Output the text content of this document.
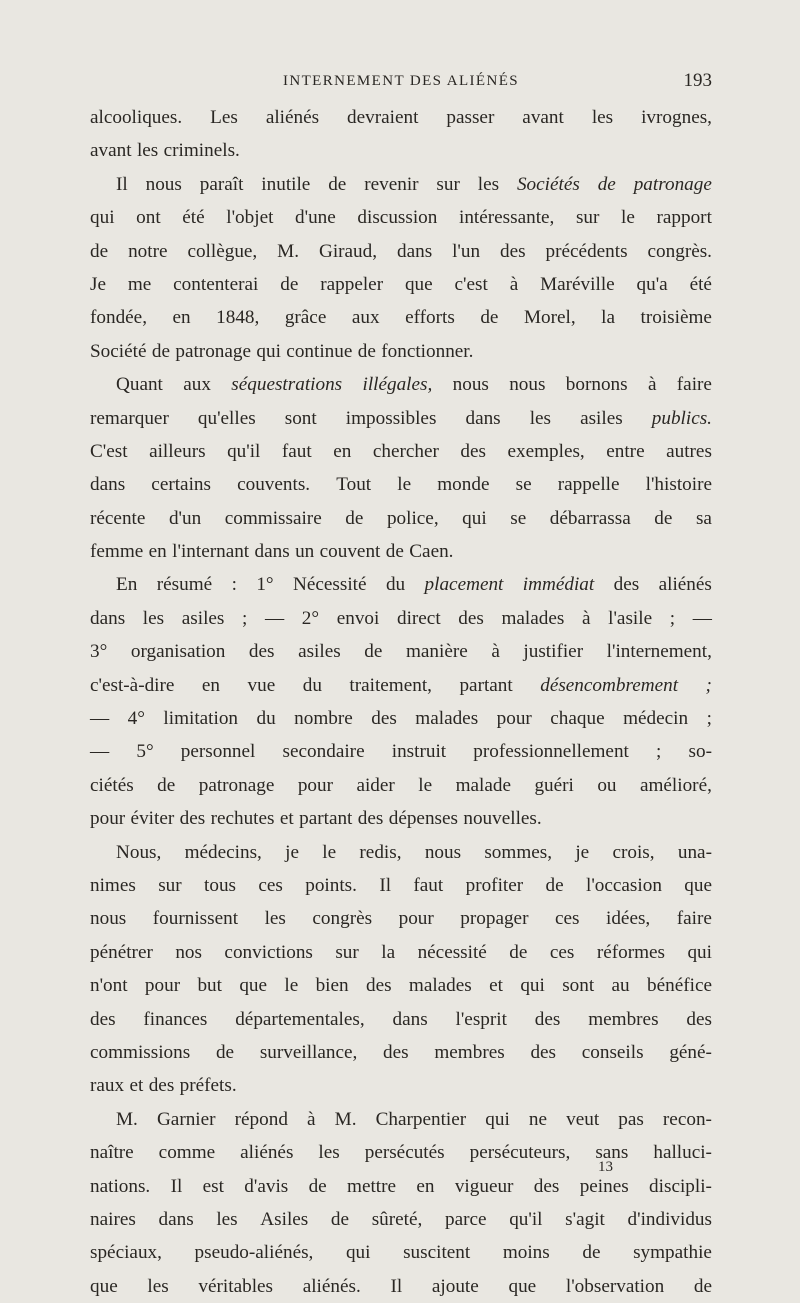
INTERNEMENT DES ALIÉNÉS	193
alcooliques. Les aliénés devraient passer avant les ivrognes,
avant les criminels.
Il nous paraît inutile de revenir sur les Sociétés de patronage
qui ont été l'objet d'une discussion intéressante, sur le rapport
de notre collègue, M. Giraud, dans l'un des précédents congrès.
Je me contenterai de rappeler que c'est à Maréville qu'a été
fondée, en 1848, grâce aux efforts de Morel, la troisième
Société de patronage qui continue de fonctionner.
Quant aux séquestrations illégales, nous nous bornons à faire
remarquer qu'elles sont impossibles dans les asiles publics.
C'est ailleurs qu'il faut en chercher des exemples, entre autres
dans certains couvents. Tout le monde se rappelle l'histoire
récente d'un commissaire de police, qui se débarrassa de sa
femme en l'internant dans un couvent de Caen.
En résumé : 1° Nécessité du placement immédiat des aliénés
dans les asiles ; — 2° envoi direct des malades à l'asile ; —
3° organisation des asiles de manière à justifier l'internement,
c'est-à-dire en vue du traitement, partant désencombrement ;
— 4° limitation du nombre des malades pour chaque médecin ;
— 5° personnel secondaire instruit professionnellement ; so-
ciétés de patronage pour aider le malade guéri ou amélioré,
pour éviter des rechutes et partant des dépenses nouvelles.
Nous, médecins, je le redis, nous sommes, je crois, una-
nimes sur tous ces points. Il faut profiter de l'occasion que
nous fournissent les congrès pour propager ces idées, faire
pénétrer nos convictions sur la nécessité de ces réformes qui
n'ont pour but que le bien des malades et qui sont au bénéfice
des finances départementales, dans l'esprit des membres des
commissions de surveillance, des membres des conseils géné-
raux et des préfets.
M. Garnier répond à M. Charpentier qui ne veut pas recon-
naître comme aliénés les persécutés persécuteurs, sans halluci-
nations. Il est d'avis de mettre en vigueur des peines discipli-
naires dans les Asiles de sûreté, parce qu'il s'agit d'individus
spéciaux, pseudo-aliénés, qui suscitent moins de sympathie
que les véritables aliénés. Il ajoute que l'observation de
13
